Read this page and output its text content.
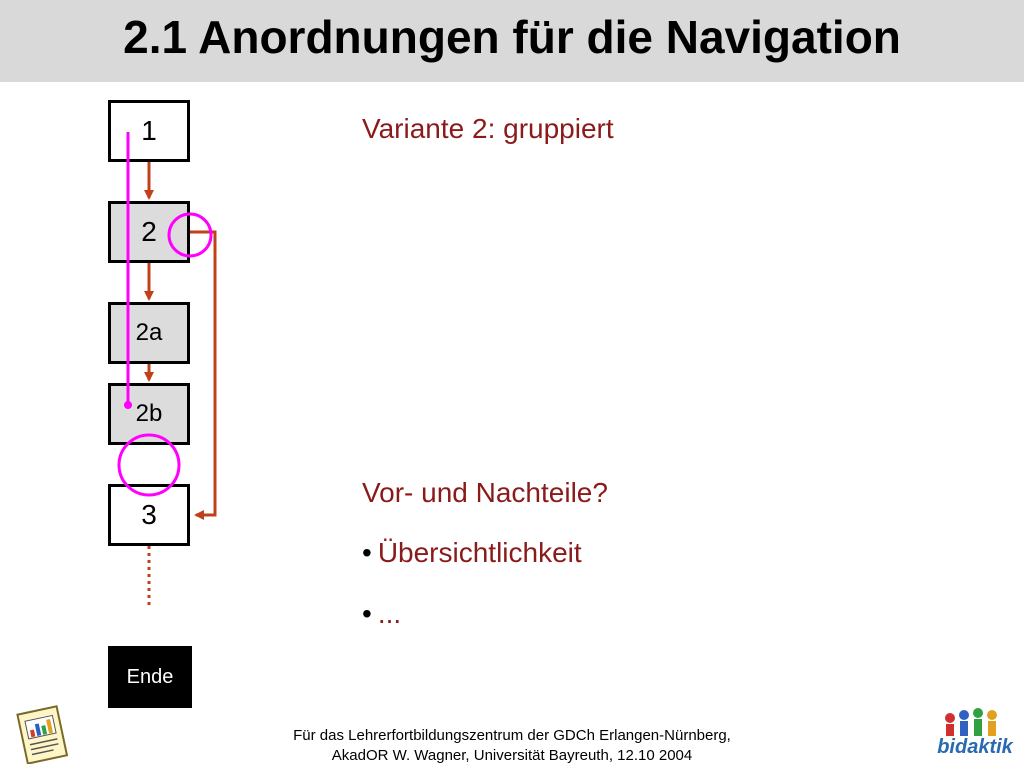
2.1 Anordnungen für die Navigation
1
2
2a
2b
3
Ende
Variante 2: gruppiert
Vor- und Nachteile?
• Übersichtlichkeit
• ...
Für das Lehrerfortbildungszentrum der GDCh Erlangen-Nürnberg,
AkadOR W. Wagner, Universität Bayreuth, 12.10 2004	bidaktik
